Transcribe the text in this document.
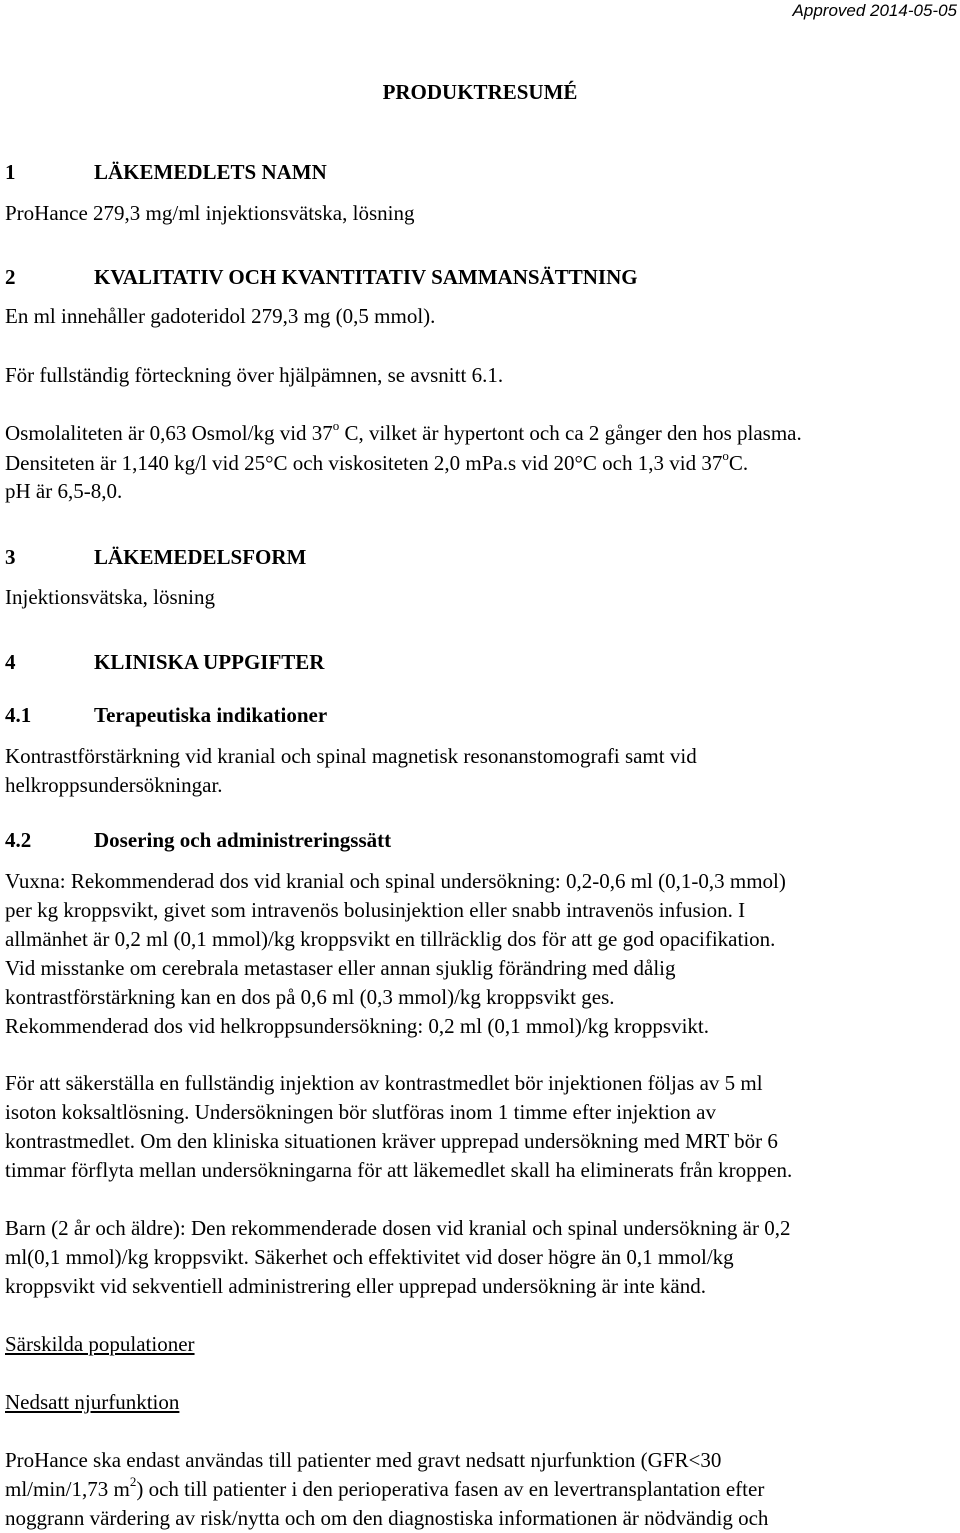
Approved 2014-05-05
PRODUKTRESUMÉ
1	LÄKEMEDLETS NAMN
ProHance 279,3 mg/ml injektionsvätska, lösning
2	KVALITATIV OCH KVANTITATIV SAMMANSÄTTNING
En ml innehåller gadoteridol 279,3 mg (0,5 mmol).
För fullständig förteckning över hjälpämnen, se avsnitt 6.1.
Osmolaliteten är 0,63 Osmol/kg vid 37$^o$ C, vilket är hypertont och ca 2 gånger den hos plasma.
Densiteten är 1,140 kg/l vid 25°C och viskositeten 2,0 mPa.s vid 20°C och 1,3 vid 37$^o$C.
pH är 6,5-8,0.
3	LÄKEMEDELSFORM
Injektionsvätska, lösning
4	KLINISKA UPPGIFTER
4.1	Terapeutiska indikationer
Kontrastförstärkning vid kranial och spinal magnetisk resonanstomografi samt vid
helkroppsundersökningar.
4.2	Dosering och administreringssätt
Vuxna: Rekommenderad dos vid kranial och spinal undersökning: 0,2-0,6 ml (0,1-0,3 mmol)
per kg kroppsvikt, givet som intravenös bolusinjektion eller snabb intravenös infusion. I
allmänhet är 0,2 ml (0,1 mmol)/kg kroppsvikt en tillräcklig dos för att ge god opacifikation.
Vid misstanke om cerebrala metastaser eller annan sjuklig förändring med dålig
kontrastförstärkning kan en dos på 0,6 ml (0,3 mmol)/kg kroppsvikt ges.
Rekommenderad dos vid helkroppsundersökning: 0,2 ml (0,1 mmol)/kg kroppsvikt.
För att säkerställa en fullständig injektion av kontrastmedlet bör injektionen följas av 5 ml
isoton koksaltlösning. Undersökningen bör slutföras inom 1 timme efter injektion av
kontrastmedlet. Om den kliniska situationen kräver upprepad undersökning med MRT bör 6
timmar förflyta mellan undersökningarna för att läkemedlet skall ha eliminerats från kroppen.
Barn (2 år och äldre): Den rekommenderade dosen vid kranial och spinal undersökning är 0,2
ml(0,1 mmol)/kg kroppsvikt. Säkerhet och effektivitet vid doser högre än 0,1 mmol/kg
kroppsvikt vid sekventiell administrering eller upprepad undersökning är inte känd.
Särskilda populationer
Nedsatt njurfunktion
ProHance ska endast användas till patienter med gravt nedsatt njurfunktion (GFR<30
ml/min/1,73 $m^2$) och till patienter i den perioperativa fasen av en levertransplantation efter
noggrann värdering av risk/nytta och om den diagnostiska informationen är nödvändig och
